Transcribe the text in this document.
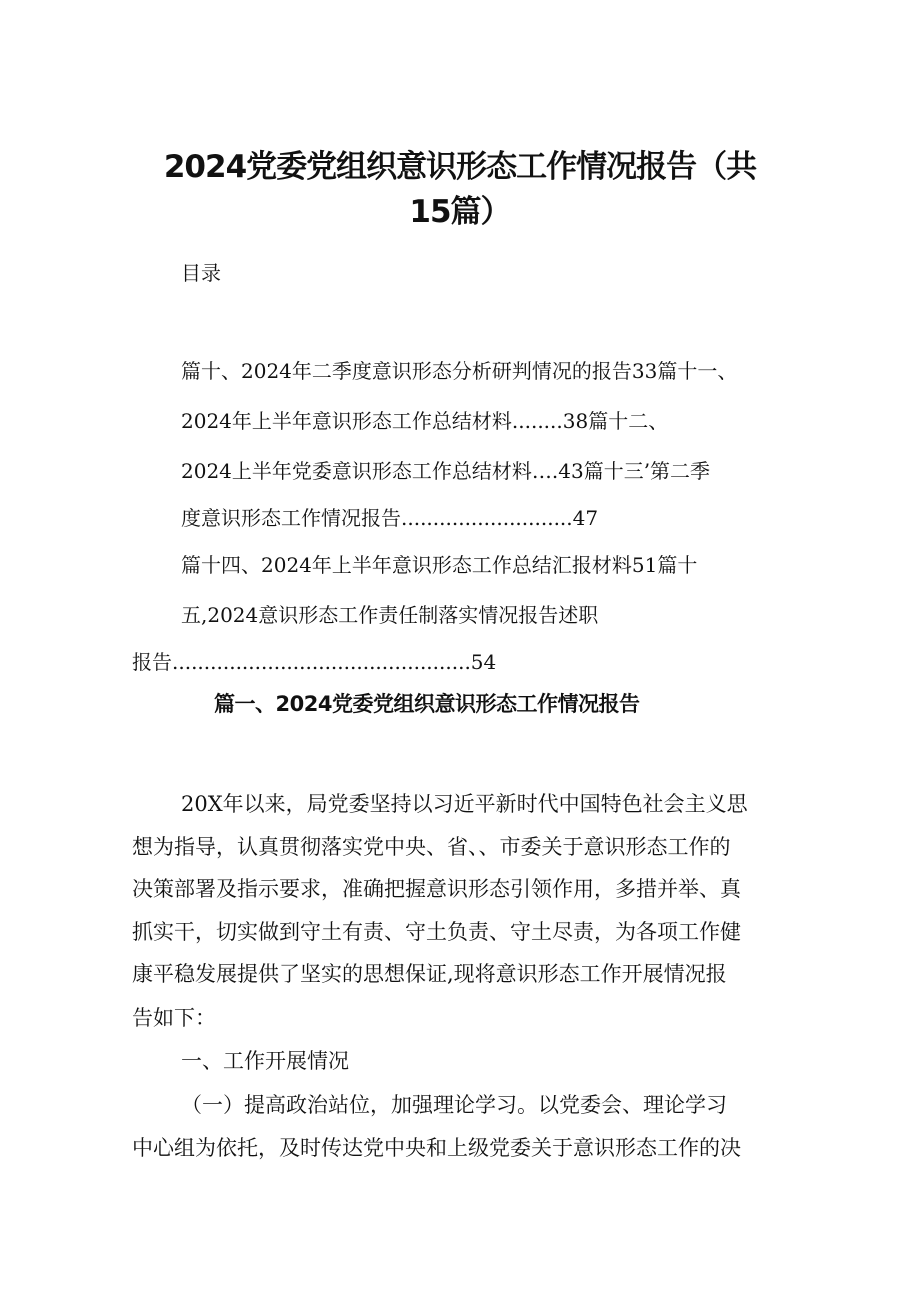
2024党委党组织意识形态工作情况报告（共
15篇）
目录
篇十、2024年二季度意识形态分析研判情况的报告33篇十一、
2024年上半年意识形态工作总结材料........38篇十二、
2024上半年党委意识形态工作总结材料….43篇十三’第二季
度意识形态工作情况报告...........................47
篇十四、2024年上半年意识形态工作总结汇报材料51篇十
五,2024意识形态工作责任制落实情况报告述职
报告...............................................54
篇一、2024党委党组织意识形态工作情况报告
20X年以来，局党委坚持以习近平新时代中国特色社会主义思
想为指导，认真贯彻落实党中央、省、、市委关于意识形态工作的
决策部署及指示要求，准确把握意识形态引领作用，多措并举、真
抓实干，切实做到守土有责、守土负责、守土尽责，为各项工作健
康平稳发展提供了坚实的思想保证,现将意识形态工作开展情况报
告如下：
一、工作开展情况
（一）提高政治站位，加强理论学习。以党委会、理论学习
中心组为依托，及时传达党中央和上级党委关于意识形态工作的决
